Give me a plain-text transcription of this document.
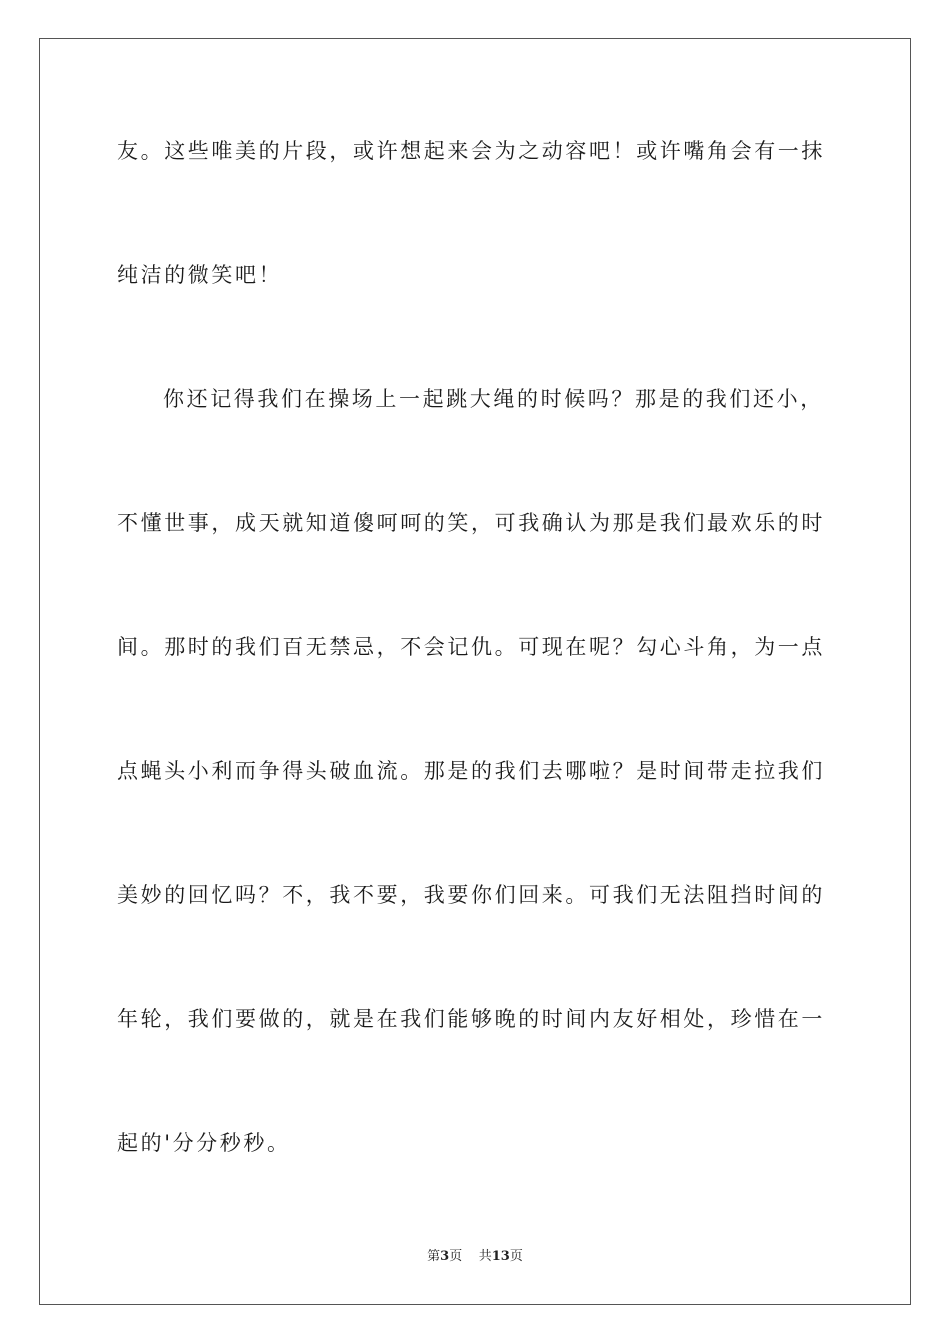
友。这些唯美的片段，或许想起来会为之动容吧！或许嘴角会有一抹
纯洁的微笑吧！
你还记得我们在操场上一起跳大绳的时候吗？那是的我们还小，
不懂世事，成天就知道傻呵呵的笑，可我确认为那是我们最欢乐的时
间。那时的我们百无禁忌，不会记仇。可现在呢？勾心斗角，为一点
点蝇头小利而争得头破血流。那是的我们去哪啦？是时间带走拉我们
美妙的回忆吗？不，我不要，我要你们回来。可我们无法阻挡时间的
年轮，我们要做的，就是在我们能够晚的时间内友好相处，珍惜在一
起的'分分秒秒。
第3页 共13页
